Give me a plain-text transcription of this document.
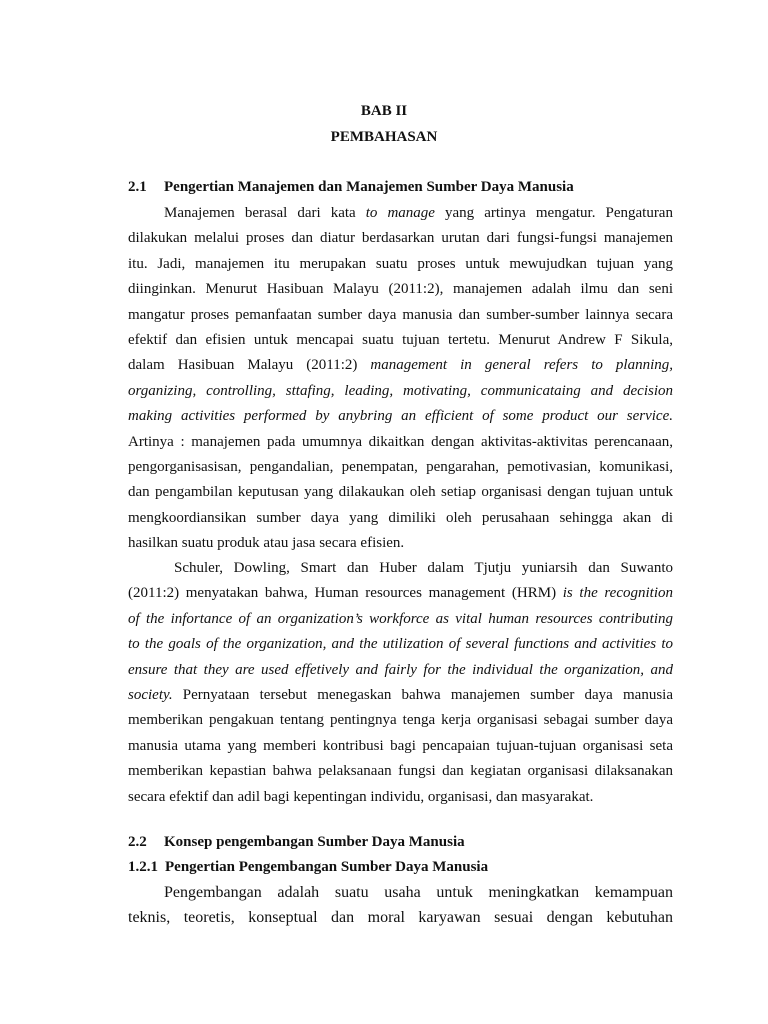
BAB II
PEMBAHASAN
2.1 Pengertian Manajemen dan Manajemen Sumber Daya Manusia
Manajemen berasal dari kata to manage yang artinya mengatur. Pengaturan
dilakukan melalui proses dan diatur berdasarkan urutan dari fungsi-fungsi manajemen
itu. Jadi, manajemen itu merupakan suatu proses untuk mewujudkan tujuan yang
diinginkan. Menurut Hasibuan Malayu (2011:2), manajemen adalah ilmu dan seni
mangatur proses pemanfaatan sumber daya manusia dan sumber-sumber lainnya secara
efektif dan efisien untuk mencapai suatu tujuan tertetu. Menurut Andrew F Sikula,
dalam Hasibuan Malayu (2011:2) management in general refers to planning,
organizing, controlling, sttafing, leading, motivating, communicataing and decision
making activities performed by anybring an efficient of some product our service.
Artinya : manajemen pada umumnya dikaitkan dengan aktivitas-aktivitas perencanaan,
pengorganisasisan, pengandalian, penempatan, pengarahan, pemotivasian, komunikasi,
dan pengambilan keputusan yang dilakaukan oleh setiap organisasi dengan tujuan untuk
mengkoordiansikan sumber daya yang dimiliki oleh perusahaan sehingga akan di
hasilkan suatu produk atau jasa secara efisien.
Schuler, Dowling, Smart dan Huber dalam Tjutju yuniarsih dan Suwanto
(2011:2) menyatakan bahwa, Human resources management (HRM) is the recognition
of the infortance of an organization’s workforce as vital human resources contributing
to the goals of the organization, and the utilization of several functions and activities to
ensure that they are used effetively and fairly for the individual the organization, and
society. Pernyataan tersebut menegaskan bahwa manajemen sumber daya manusia
memberikan pengakuan tentang pentingnya tenga kerja organisasi sebagai sumber daya
manusia utama yang memberi kontribusi bagi pencapaian tujuan-tujuan organisasi seta
memberikan kepastian bahwa pelaksanaan fungsi dan kegiatan organisasi dilaksanakan
secara efektif dan adil bagi kepentingan individu, organisasi, dan masyarakat.
2.2 Konsep pengembangan Sumber Daya Manusia
1.2.1 Pengertian Pengembangan Sumber Daya Manusia
Pengembangan adalah suatu usaha untuk meningkatkan kemampuan
teknis, teoretis, konseptual dan moral karyawan sesuai dengan kebutuhan
